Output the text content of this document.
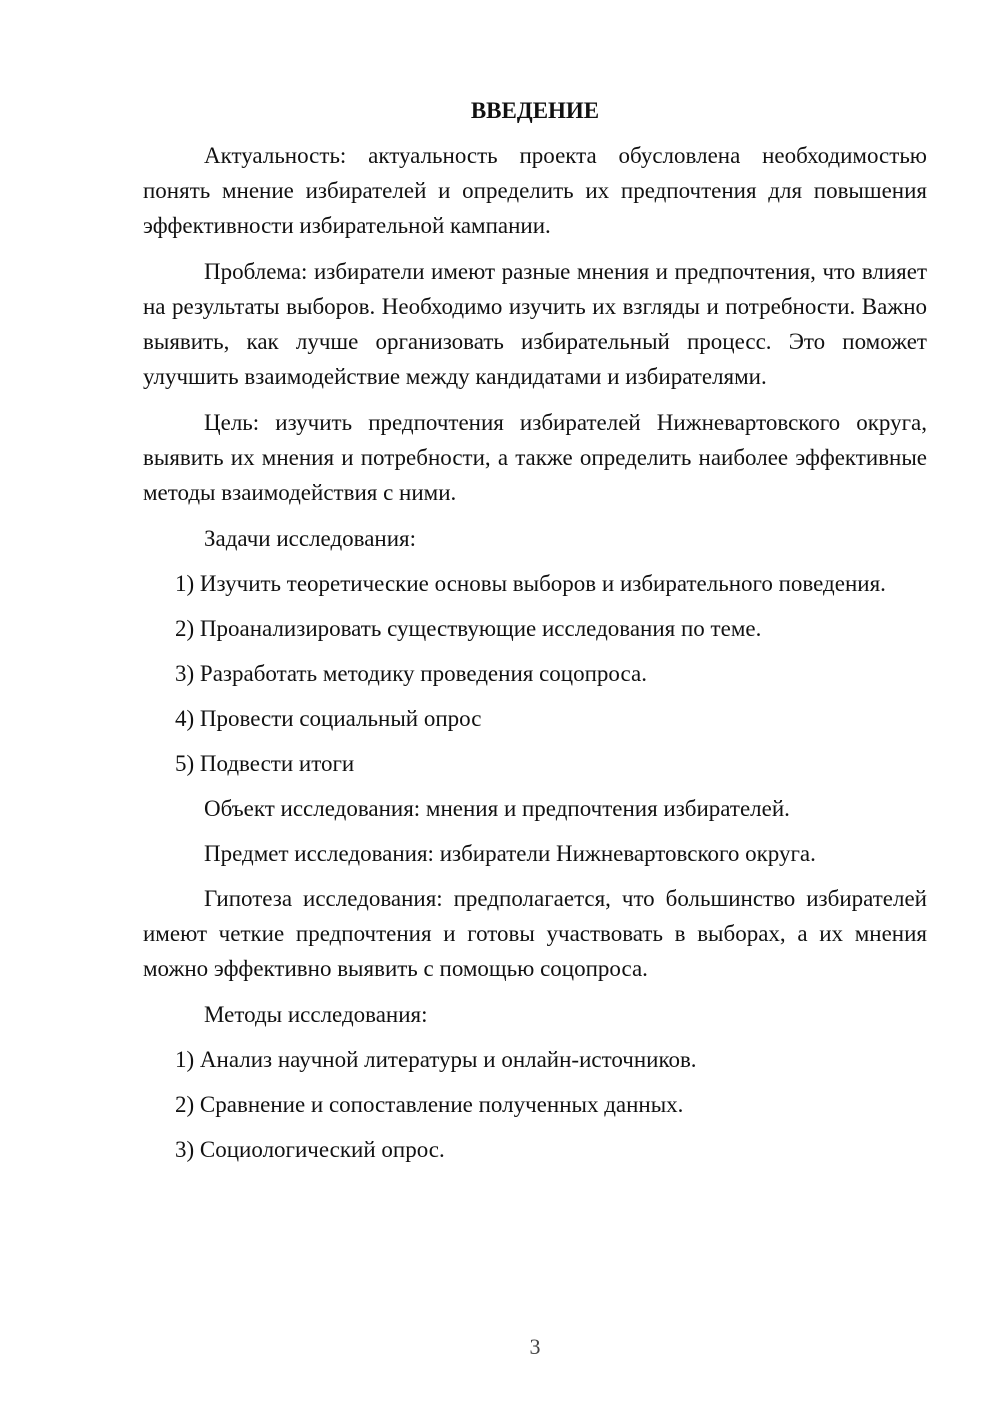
ВВЕДЕНИЕ

Актуальность: актуальность проекта обусловлена необходимостью понять мнение избирателей и определить их предпочтения для повышения эффективности избирательной кампании.

Проблема: избиратели имеют разные мнения и предпочтения, что влияет на результаты выборов. Необходимо изучить их взгляды и потребности. Важно выявить, как лучше организовать избирательный процесс. Это поможет улучшить взаимодействие между кандидатами и избирателями.

Цель: изучить предпочтения избирателей Нижневартовского округа, выявить их мнения и потребности, а также определить наиболее эффективные методы взаимодействия с ними.

Задачи исследования:

1) Изучить теоретические основы выборов и избирательного поведения.

2) Проанализировать существующие исследования по теме.

3) Разработать методику проведения соцопроса.

4) Провести социальный опрос

5) Подвести итоги

Объект исследования: мнения и предпочтения избирателей.

Предмет исследования: избиратели Нижневартовского округа.

Гипотеза исследования: предполагается, что большинство избирателей имеют четкие предпочтения и готовы участвовать в выборах, а их мнения можно эффективно выявить с помощью соцопроса.

Методы исследования:

1) Анализ научной литературы и онлайн-источников.

2) Сравнение и сопоставление полученных данных.

3) Социологический опрос.

3
